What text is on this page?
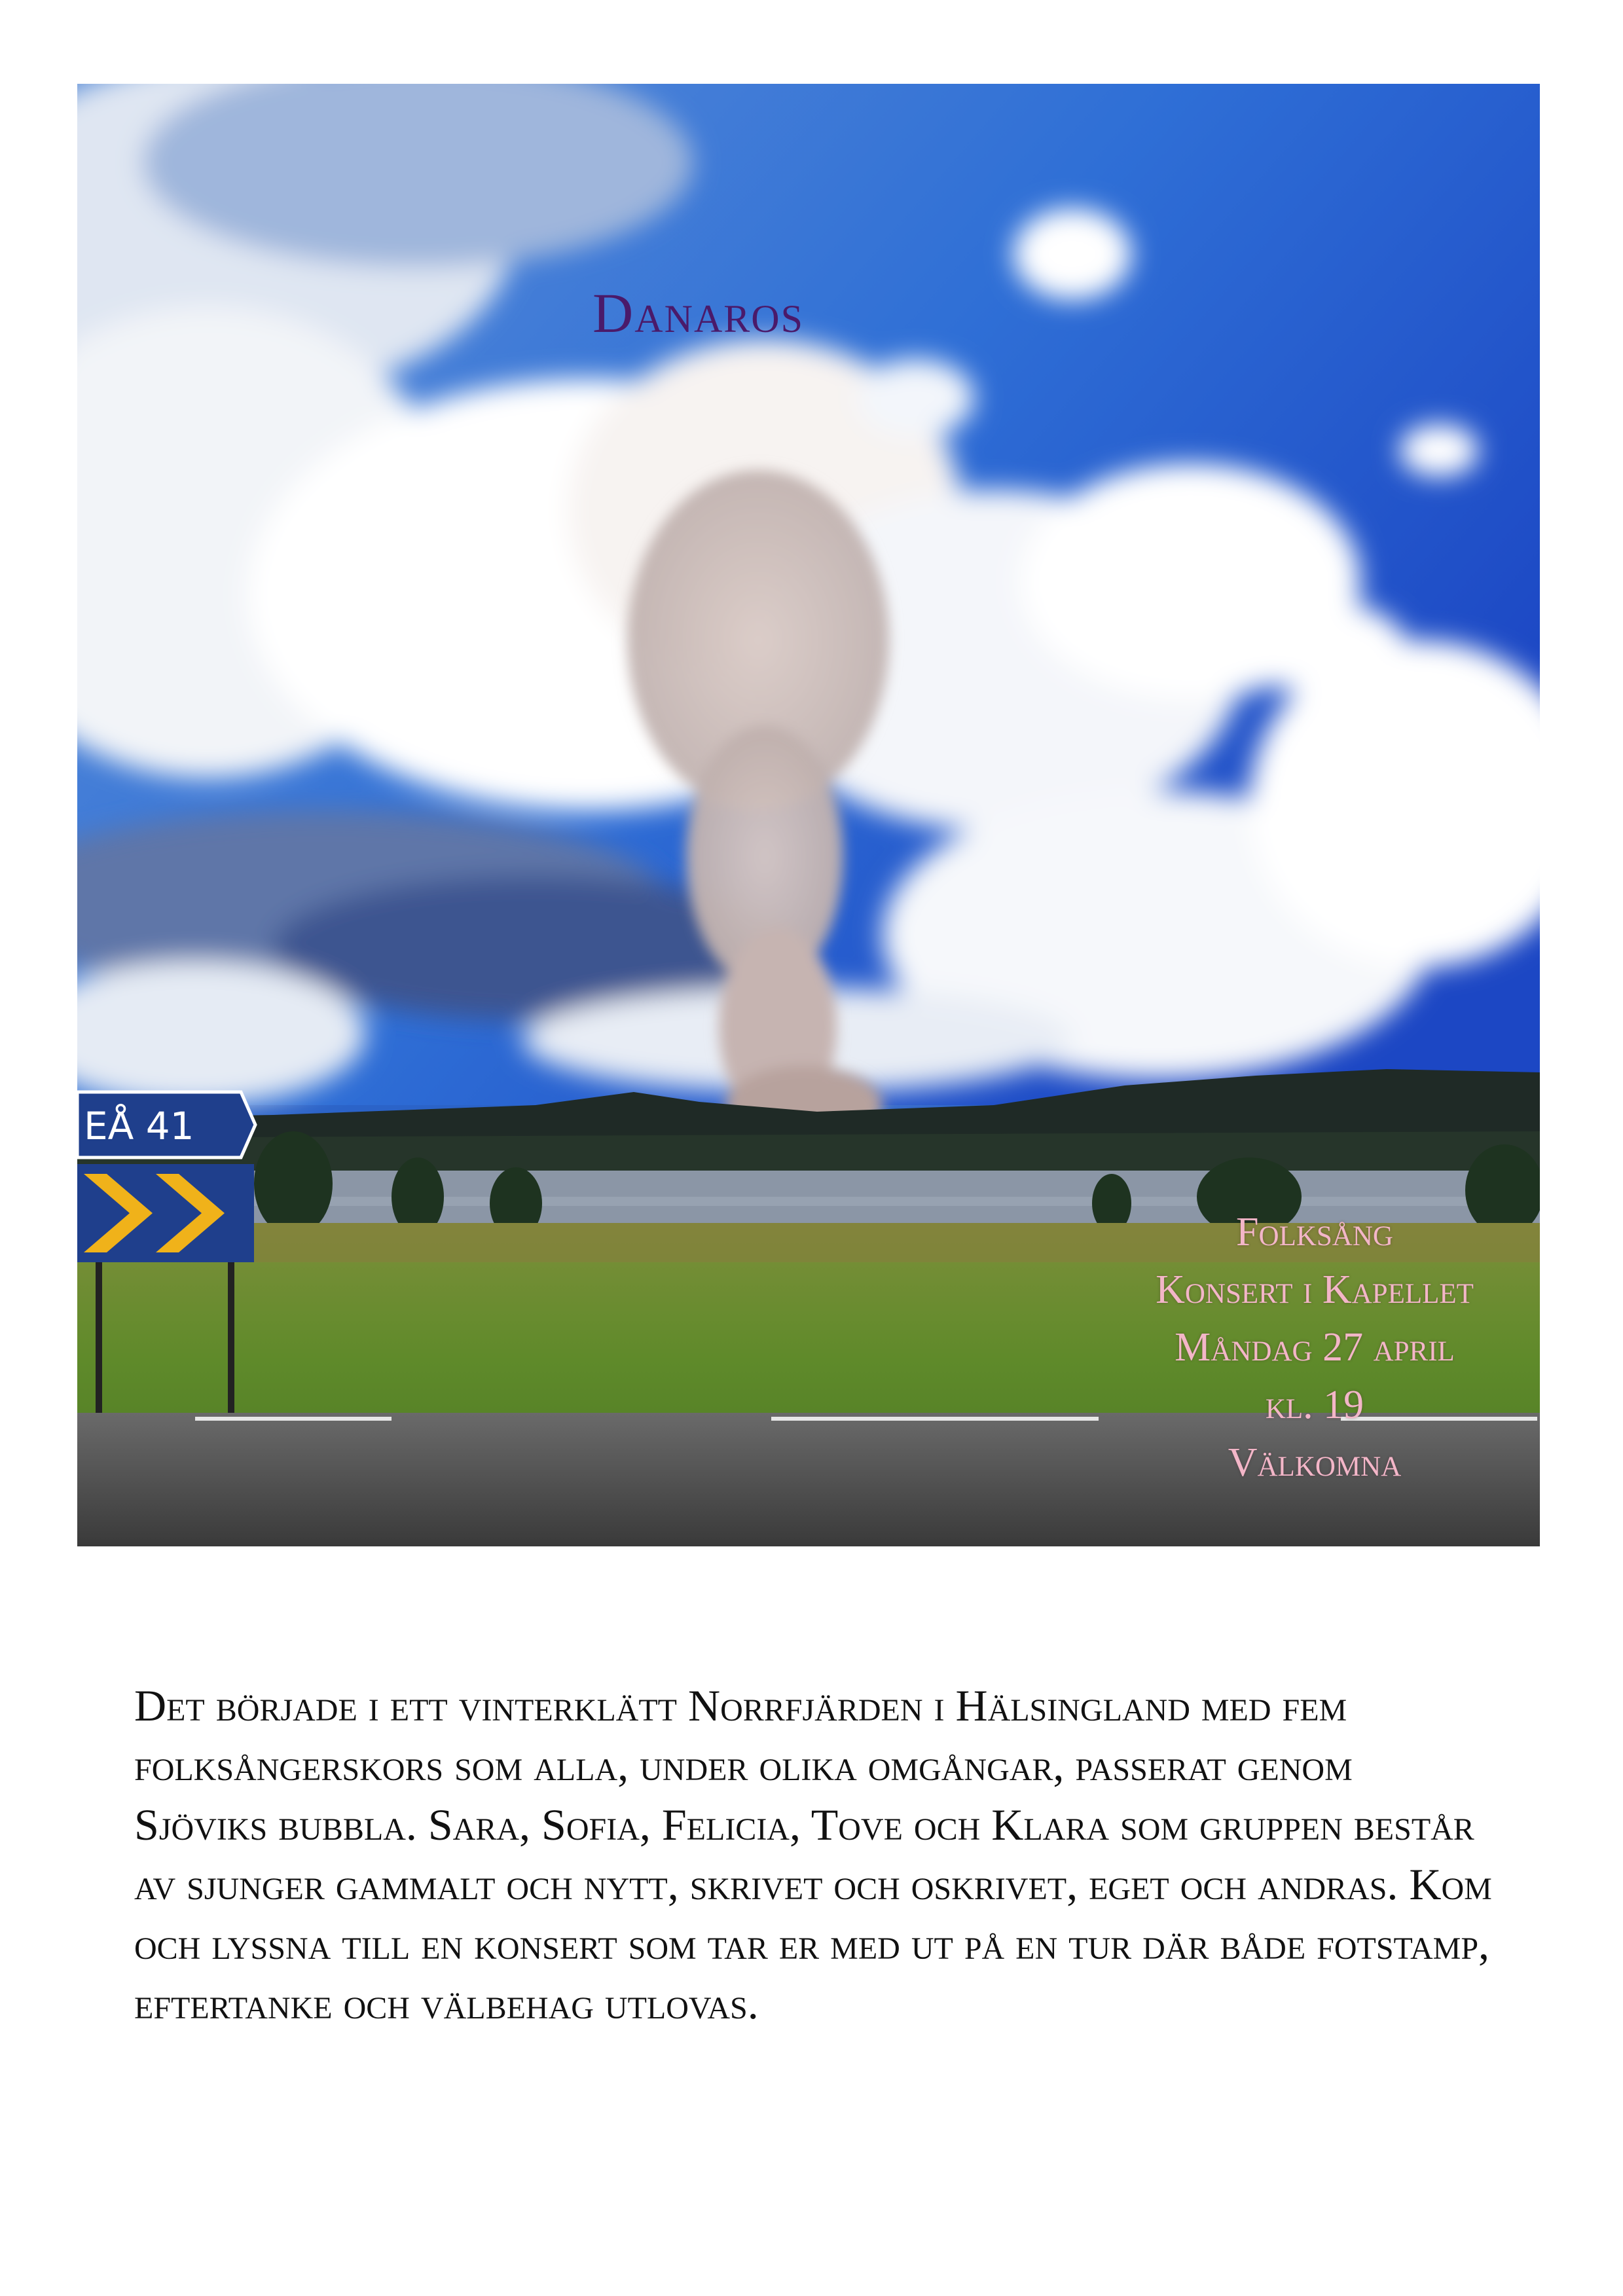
EÅ 41
Danaros
Folksång
Konsert i Kapellet
Måndag 27 april
kl. 19
Välkomna

Det började i ett vinterklätt Norrfjärden i Hälsingland med fem folksångerskors som alla, under olika omgångar, passerat genom Sjöviks bubbla. Sara, Sofia, Felicia, Tove och Klara som gruppen består av sjunger gammalt och nytt, skrivet och oskrivet, eget och andras. Kom och lyssna till en konsert som tar er med ut på en tur där både fotstamp, eftertanke och välbehag utlovas.
